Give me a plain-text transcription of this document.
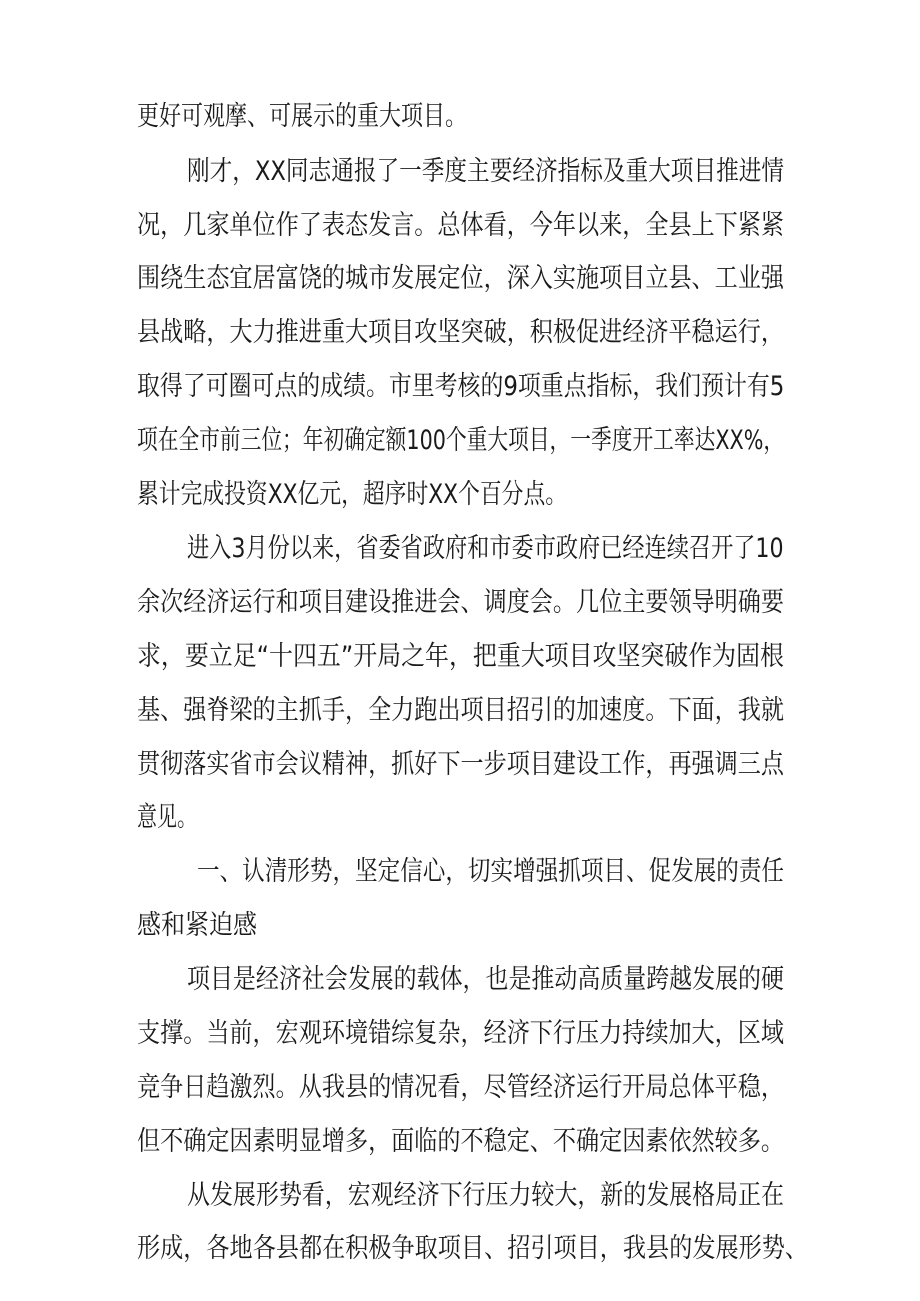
更好可观摩、可展示的重大项目。
刚才，XX同志通报了一季度主要经济指标及重大项目推进情
况，几家单位作了表态发言。总体看，今年以来，全县上下紧紧
围绕生态宜居富饶的城市发展定位，深入实施项目立县、工业强
县战略，大力推进重大项目攻坚突破，积极促进经济平稳运行，
取得了可圈可点的成绩。市里考核的9项重点指标，我们预计有5
项在全市前三位；年初确定额100个重大项目，一季度开工率达XX%，
累计完成投资XX亿元，超序时XX个百分点。
进入3月份以来，省委省政府和市委市政府已经连续召开了10
余次经济运行和项目建设推进会、调度会。几位主要领导明确要
求，要立足“十四五”开局之年，把重大项目攻坚突破作为固根
基、强脊梁的主抓手，全力跑出项目招引的加速度。下面，我就
贯彻落实省市会议精神，抓好下一步项目建设工作，再强调三点
意见。
一、认清形势，坚定信心，切实增强抓项目、促发展的责任
感和紧迫感
项目是经济社会发展的载体，也是推动高质量跨越发展的硬
支撑。当前，宏观环境错综复杂，经济下行压力持续加大，区域
竞争日趋激烈。从我县的情况看，尽管经济运行开局总体平稳，
但不确定因素明显增多，面临的不稳定、不确定因素依然较多。
从发展形势看，宏观经济下行压力较大，新的发展格局正在
形成，各地各县都在积极争取项目、招引项目，我县的发展形势、
